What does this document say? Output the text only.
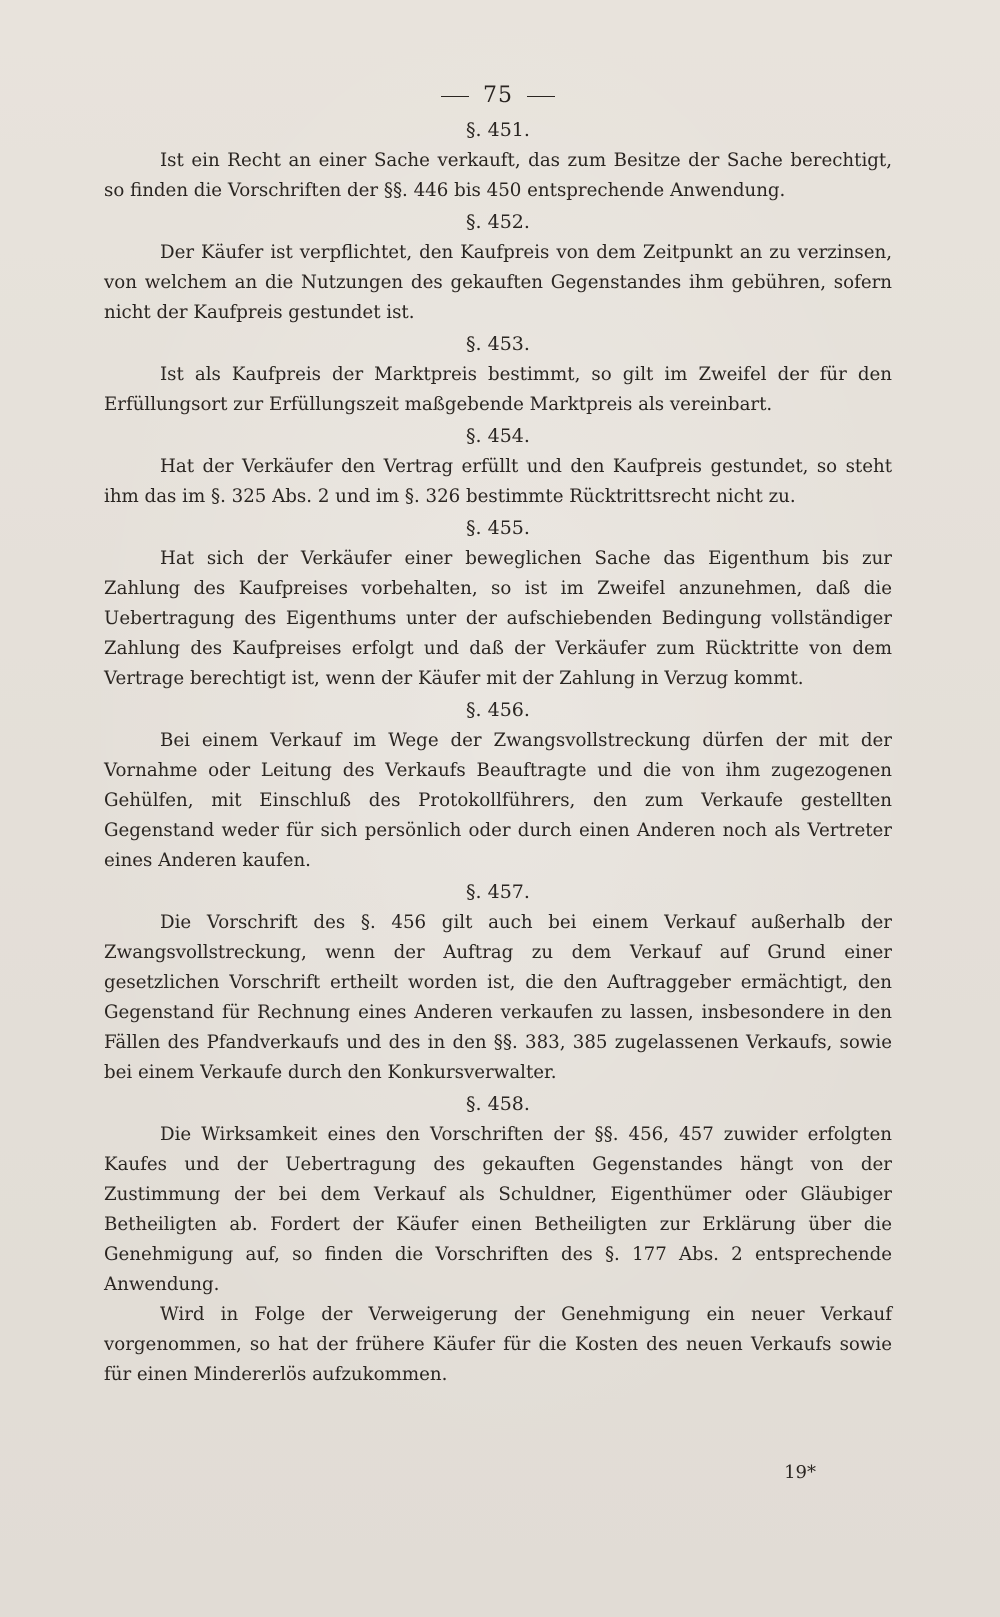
75
§. 451.

Ist ein Recht an einer Sache verkauft, das zum Besitze der Sache berechtigt, so finden die Vorschriften der §§. 446 bis 450 entsprechende Anwendung.

§. 452.

Der Käufer ist verpflichtet, den Kaufpreis von dem Zeitpunkt an zu verzinsen, von welchem an die Nutzungen des gekauften Gegenstandes ihm gebühren, sofern nicht der Kaufpreis gestundet ist.

§. 453.

Ist als Kaufpreis der Marktpreis bestimmt, so gilt im Zweifel der für den Erfüllungsort zur Erfüllungszeit maßgebende Marktpreis als vereinbart.

§. 454.

Hat der Verkäufer den Vertrag erfüllt und den Kaufpreis gestundet, so steht ihm das im §. 325 Abs. 2 und im §. 326 bestimmte Rücktrittsrecht nicht zu.

§. 455.

Hat sich der Verkäufer einer beweglichen Sache das Eigenthum bis zur Zahlung des Kaufpreises vorbehalten, so ist im Zweifel anzunehmen, daß die Uebertragung des Eigenthums unter der aufschiebenden Bedingung vollständiger Zahlung des Kaufpreises erfolgt und daß der Verkäufer zum Rücktritte von dem Vertrage berechtigt ist, wenn der Käufer mit der Zahlung in Verzug kommt.

§. 456.

Bei einem Verkauf im Wege der Zwangsvollstreckung dürfen der mit der Vornahme oder Leitung des Verkaufs Beauftragte und die von ihm zugezogenen Gehülfen, mit Einschluß des Protokollführers, den zum Verkaufe gestellten Gegenstand weder für sich persönlich oder durch einen Anderen noch als Vertreter eines Anderen kaufen.

§. 457.

Die Vorschrift des §. 456 gilt auch bei einem Verkauf außerhalb der Zwangsvollstreckung, wenn der Auftrag zu dem Verkauf auf Grund einer gesetzlichen Vorschrift ertheilt worden ist, die den Auftraggeber ermächtigt, den Gegenstand für Rechnung eines Anderen verkaufen zu lassen, insbesondere in den Fällen des Pfandverkaufs und des in den §§. 383, 385 zugelassenen Verkaufs, sowie bei einem Verkaufe durch den Konkursverwalter.

§. 458.

Die Wirksamkeit eines den Vorschriften der §§. 456, 457 zuwider erfolgten Kaufes und der Uebertragung des gekauften Gegenstandes hängt von der Zustimmung der bei dem Verkauf als Schuldner, Eigenthümer oder Gläubiger Betheiligten ab. Fordert der Käufer einen Betheiligten zur Erklärung über die Genehmigung auf, so finden die Vorschriften des §. 177 Abs. 2 entsprechende Anwendung.

Wird in Folge der Verweigerung der Genehmigung ein neuer Verkauf vorgenommen, so hat der frühere Käufer für die Kosten des neuen Verkaufs sowie für einen Mindererlös aufzukommen.

19*
